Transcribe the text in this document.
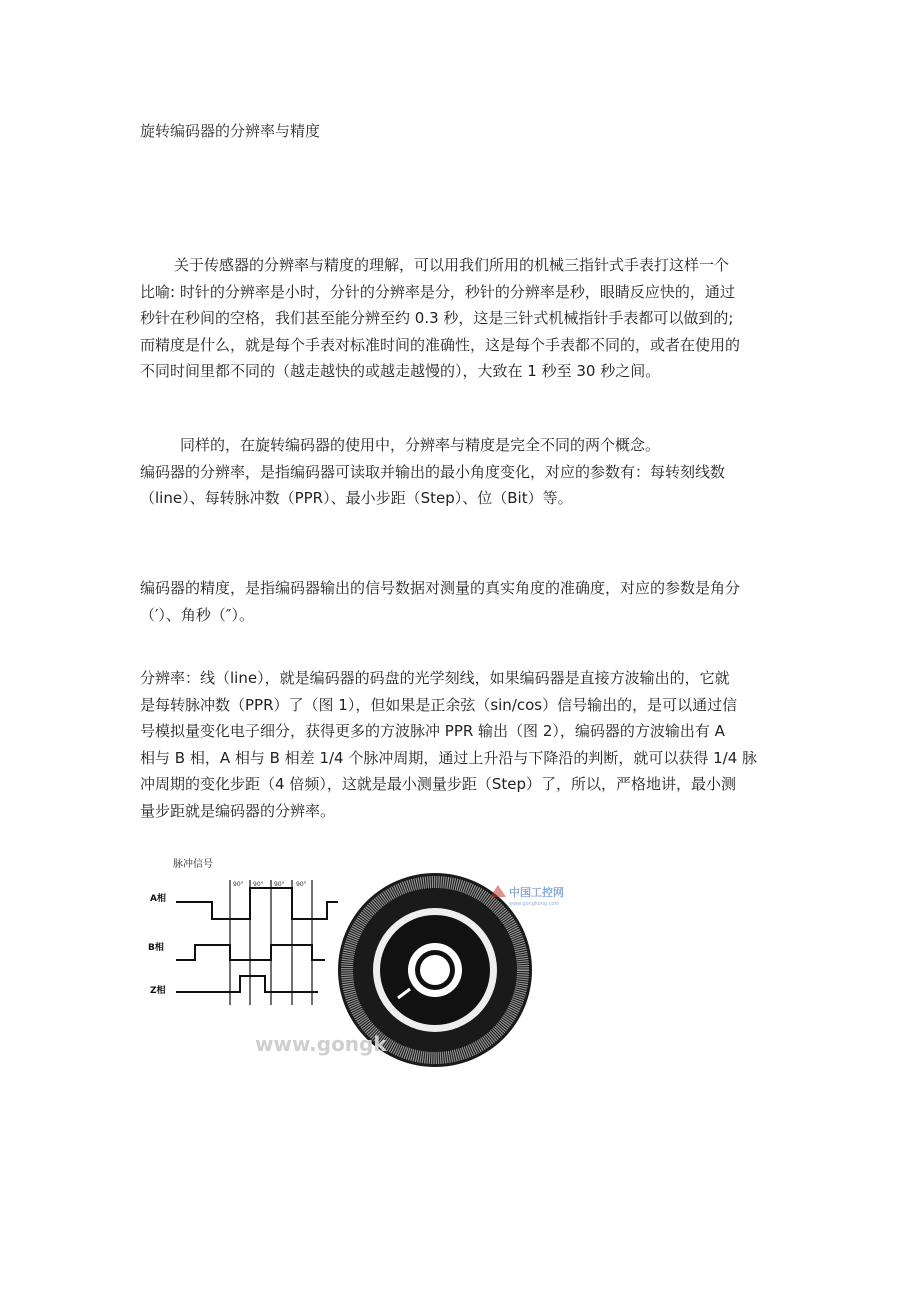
旋转编码器的分辨率与精度

关于传感器的分辨率与精度的理解，可以用我们所用的机械三指针式手表打这样一个
比喻: 时针的分辨率是小时，分针的分辨率是分，秒针的分辨率是秒，眼睛反应快的，通过
秒针在秒间的空格，我们甚至能分辨至约 0.3 秒，这是三针式机械指针手表都可以做到的;
而精度是什么，就是每个手表对标准时间的准确性，这是每个手表都不同的，或者在使用的
不同时间里都不同的（越走越快的或越走越慢的），大致在 1 秒至 30 秒之间。

同样的，在旋转编码器的使用中，分辨率与精度是完全不同的两个概念。
编码器的分辨率，是指编码器可读取并输出的最小角度变化，对应的参数有：每转刻线数
（line）、每转脉冲数（PPR）、最小步距（Step）、位（Bit）等。

编码器的精度，是指编码器输出的信号数据对测量的真实角度的准确度，对应的参数是角分
（′）、角秒（″）。

分辨率：线（line），就是编码器的码盘的光学刻线，如果编码器是直接方波输出的，它就
是每转脉冲数（PPR）了（图 1），但如果是正余弦（sin/cos）信号输出的，是可以通过信
号模拟量变化电子细分，获得更多的方波脉冲 PPR 输出（图 2），编码器的方波输出有 A
相与 B 相，A 相与 B 相差 1/4 个脉冲周期，通过上升沿与下降沿的判断，就可以获得 1/4 脉
冲周期的变化步距（4 倍频），这就是最小测量步距（Step）了，所以，严格地讲，最小测
量步距就是编码器的分辨率。

脉冲信号
90° 90° 90° 90°
A相
B相
Z相
中国工控网
www.gongkong.com
www.gongk
